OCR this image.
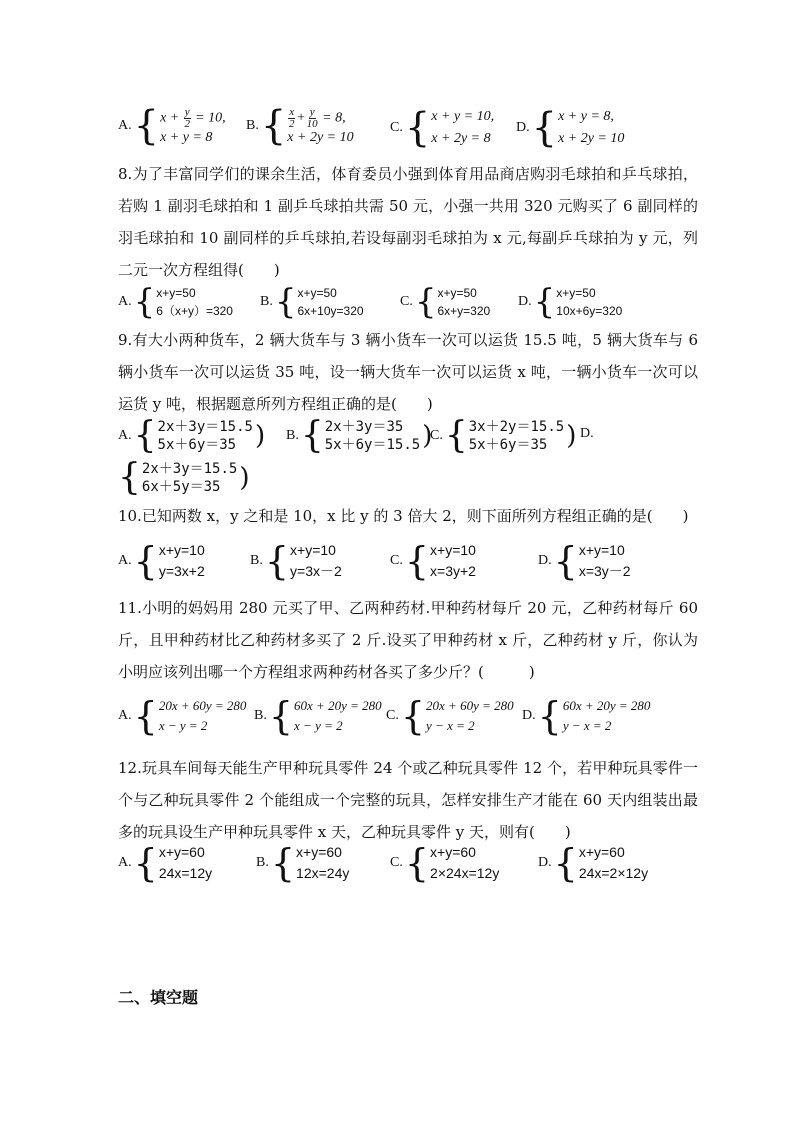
A. { $x + \frac{y}{2} = 10$,
x + y = 8
B. { $\frac{x}{2} + \frac{y}{10} = 8$,
x + 2y = 10
C. { x + y = 10,
x + 2y = 8
D. { x + y = 8,
x + 2y = 10

8.为了丰富同学们的课余生活，体育委员小强到体育用品商店购羽毛球拍和乒乓球拍，若购 1 副羽毛球拍和 1 副乒乓球拍共需 50 元，小强一共用 320 元购买了 6 副同样的羽毛球拍和 10 副同样的乒乓球拍,若设每副羽毛球拍为 x 元,每副乒乓球拍为 y 元，列二元一次方程组得(　　)

A. { x+y=50
6（x+y）=320
B. { x+y=50
6x+10y=320
C. { x+y=50
6x+y=320
D. { x+y=50
10x+6y=320

9.有大小两种货车，2 辆大货车与 3 辆小货车一次可以运货 15.5 吨，5 辆大货车与 6 辆小货车一次可以运货 35 吨，设一辆大货车一次可以运货 x 吨，一辆小货车一次可以运货 y 吨，根据题意所列方程组正确的是(　　)

A. { 2x＋3y＝15.5
5x＋6y＝35 ) B. { 2x＋3y＝35
5x＋6y＝15.5 )
C. { 3x＋2y＝15.5
5x＋6y＝35 ) D.
{ 2x＋3y＝15.5
6x＋5y＝35 )

10.已知两数 x，y 之和是 10，x 比 y 的 3 倍大 2，则下面所列方程组正确的是(　　)

A. { x+y=10
y=3x+2
B. { x+y=10
y=3x－2
C. { x+y=10
x=3y+2
D. { x+y=10
x=3y－2

11.小明的妈妈用 280 元买了甲、乙两种药材.甲种药材每斤 20 元，乙种药材每斤 60 斤，且甲种药材比乙种药材多买了 2 斤.设买了甲种药材 x 斤，乙种药材 y 斤，你认为小明应该列出哪一个方程组求两种药材各买了多少斤？(　　　)

A. { 20x + 60y = 280
x − y = 2
B. { 60x + 20y = 280
x − y = 2
C. { 20x + 60y = 280
y − x = 2
D. { 60x + 20y = 280
y − x = 2

12.玩具车间每天能生产甲种玩具零件 24 个或乙种玩具零件 12 个，若甲种玩具零件一个与乙种玩具零件 2 个能组成一个完整的玩具，怎样安排生产才能在 60 天内组装出最多的玩具设生产甲种玩具零件 x 天，乙种玩具零件 y 天，则有(　　)

A. { x+y=60
24x=12y
B. { x+y=60
12x=24y
C. { x+y=60
2×24x=12y
D. { x+y=60
24x=2×12y

二、填空题
